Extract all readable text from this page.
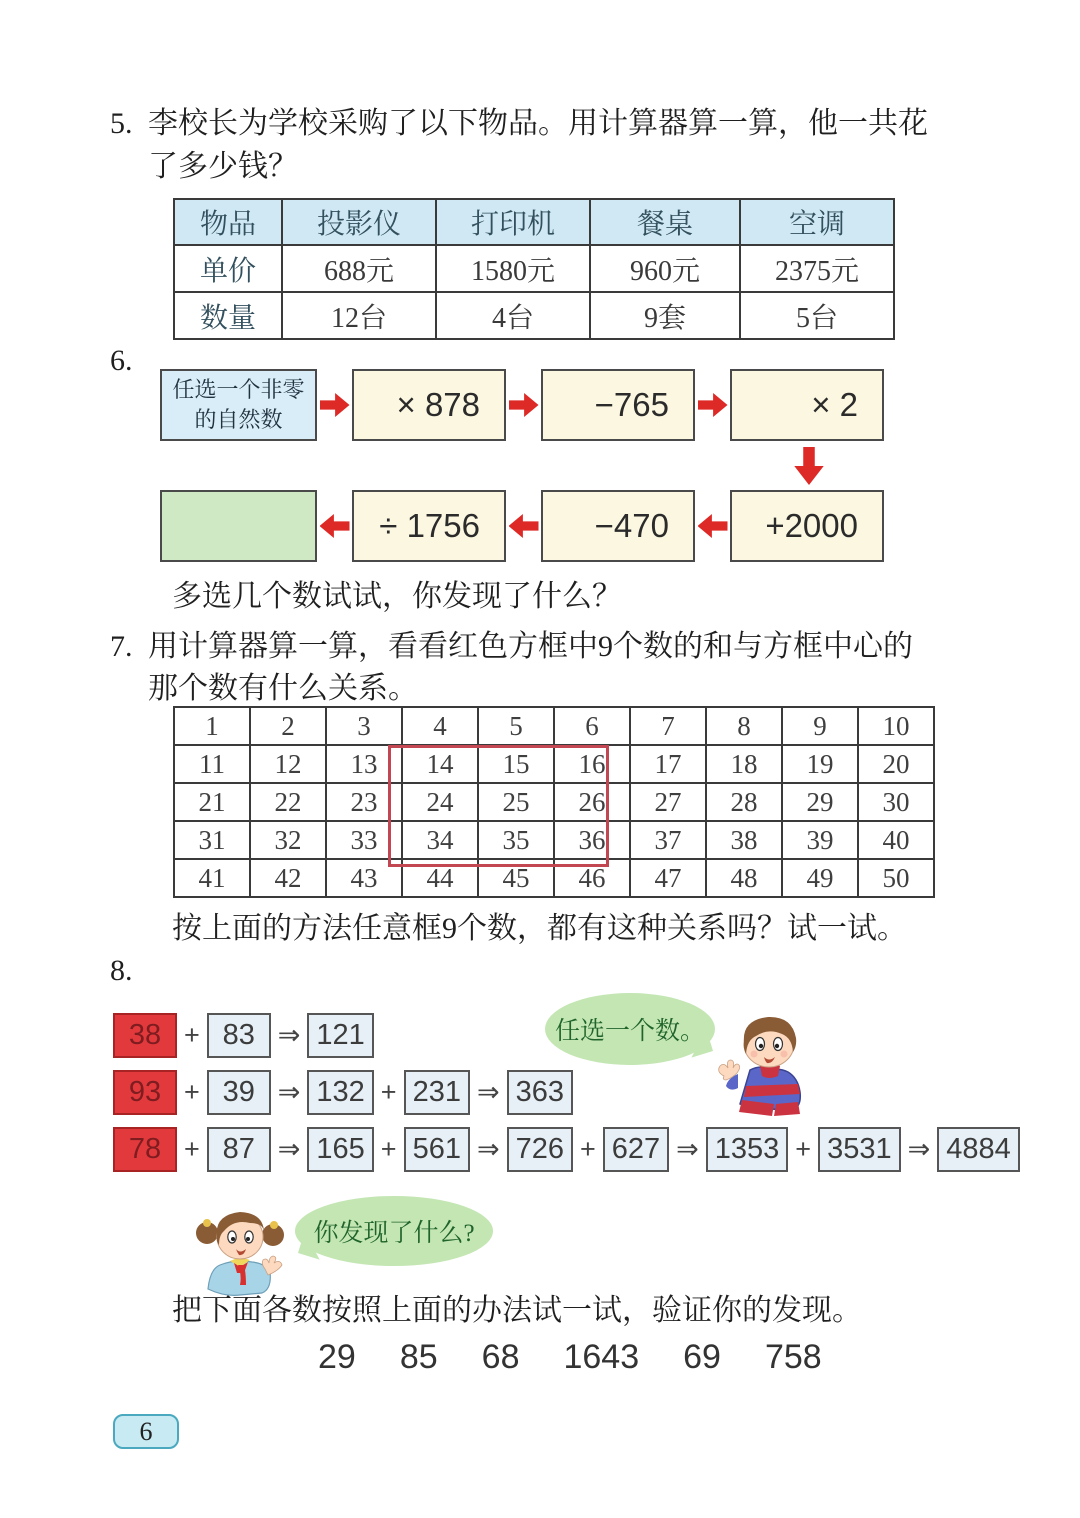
5. 李校长为学校采购了以下物品。用计算器算一算，他一共花
了多少钱？
物品	投影仪	打印机	餐桌	空调
单价	688元	1580元	960元	2375元
数量	12台	4台	9套	5台
6.
任选一个非零的自然数	× 878	−765	× 2
÷ 1756	−470	+2000
多选几个数试试，你发现了什么？
7. 用计算器算一算，看看红色方框中9个数的和与方框中心的
那个数有什么关系。
1	2	3	4	5	6	7	8	9	10
11	12	13	14	15	16	17	18	19	20
21	22	23	24	25	26	27	28	29	30
31	32	33	34	35	36	37	38	39	40
41	42	43	44	45	46	47	48	49	50
按上面的方法任意框9个数，都有这种关系吗？试一试。
8.
38 + 83 ⇒ 121
93 + 39 ⇒ 132 + 231 ⇒ 363
78 + 87 ⇒ 165 + 561 ⇒ 726 + 627 ⇒ 1353 + 3531 ⇒ 4884
任选一个数。
你发现了什么?
把下面各数按照上面的办法试一试，验证你的发现。
29 85 68 1643 69 758
6
